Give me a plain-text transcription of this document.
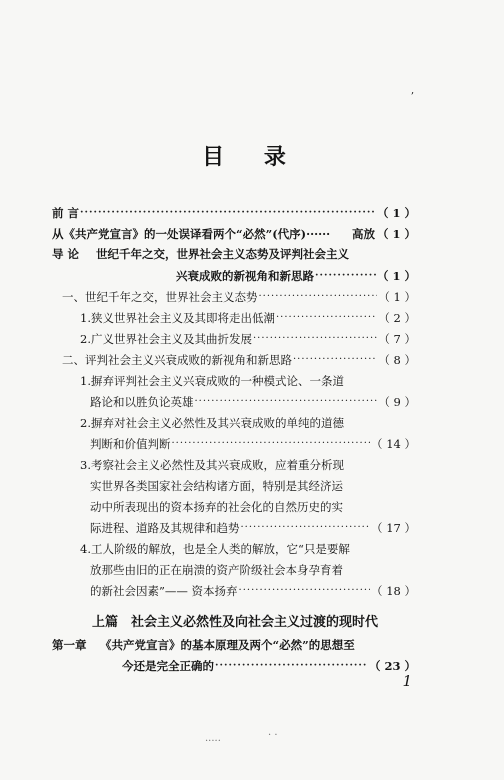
,
目 录
前 言 ·····	（ 1 ）
从《共产党宣言》的一处误译看两个“必然”(代序)······ 高放 （ 1 ）
导 论 世纪千年之交，世界社会主义态势及评判社会主义
兴衰成败的新视角和新思路 ·····	（ 1 ）
一、世纪千年之交，世界社会主义态势 ·····	（ 1 ）
1.狭义世界社会主义及其即将走出低潮 ·····	（ 2 ）
2.广义世界社会主义及其曲折发展 ·····	（ 7 ）
二、评判社会主义兴衰成败的新视角和新思路 ·····	（ 8 ）
1.摒弃评判社会主义兴衰成败的一种模式论、一条道
路论和以胜负论英雄 ·····	（ 9 ）
2.摒弃对社会主义必然性及其兴衰成败的单纯的道德
判断和价值判断 ·····	（ 14 ）
3.考察社会主义必然性及其兴衰成败，应着重分析现
实世界各类国家社会结构诸方面，特别是其经济运
动中所表现出的资本扬弃的社会化的自然历史的实
际进程、道路及其规律和趋势 ·····	（ 17 ）
4.工人阶级的解放，也是全人类的解放，它“只是要解
放那些由旧的正在崩溃的资产阶级社会本身孕育着
的新社会因素”—— 资本扬弃 ·····	（ 18 ）
上篇　社会主义必然性及向社会主义过渡的现时代
第一章 《共产党宣言》的基本原理及两个“必然”的思想至
今还是完全正确的 ·····	（ 23 ）
1
·····
· ·
